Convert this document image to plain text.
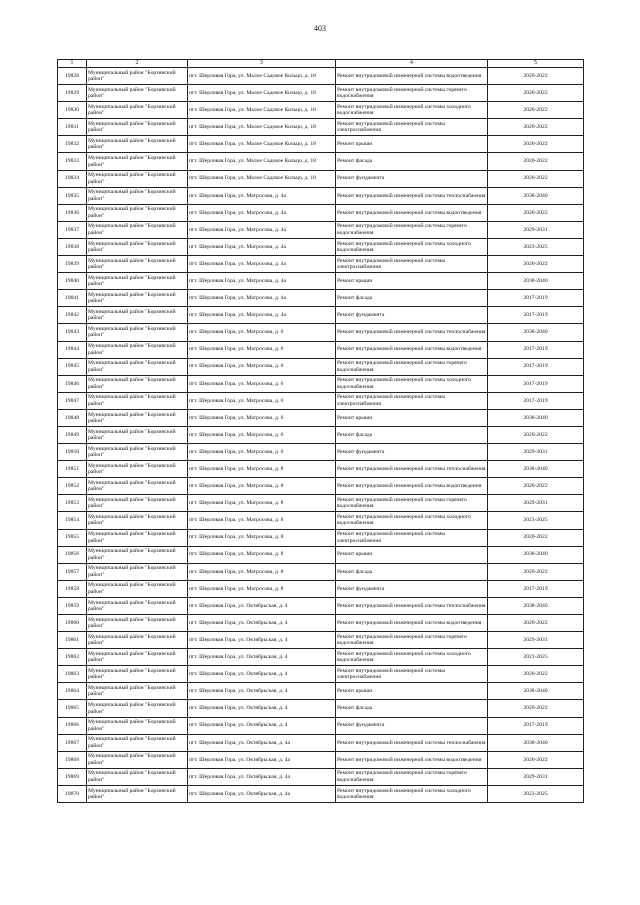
403
1	2	3	4	5
19828	Муниципальный район "Борзинский район"	пгт. Шерловая Гора, ул. Малое Садовое Кольцо, д. 18	Ремонт внутридомовой инженерной системы водоотведения	2020-2022
19829	Муниципальный район "Борзинский район"	пгт. Шерловая Гора, ул. Малое Садовое Кольцо, д. 18	Ремонт внутридомовой инженерной системы горячего водоснабжения	2020-2022
19830	Муниципальный район "Борзинский район"	пгт. Шерловая Гора, ул. Малое Садовое Кольцо, д. 18	Ремонт внутридомовой инженерной системы холодного водоснабжения	2020-2022
19831	Муниципальный район "Борзинский район"	пгт. Шерловая Гора, ул. Малое Садовое Кольцо, д. 18	Ремонт внутридомовой инженерной системы электроснабжения	2020-2022
19832	Муниципальный район "Борзинский район"	пгт. Шерловая Гора, ул. Малое Садовое Кольцо, д. 18	Ремонт крыши	2020-2022
19833	Муниципальный район "Борзинский район"	пгт. Шерловая Гора, ул. Малое Садовое Кольцо, д. 18	Ремонт фасада	2020-2022
19834	Муниципальный район "Борзинский район"	пгт. Шерловая Гора, ул. Малое Садовое Кольцо, д. 18	Ремонт фундамента	2020-2022
19835	Муниципальный район "Борзинский район"	пгт. Шерловая Гора, ул. Матросова, д. 4а	Ремонт внутридомовой инженерной системы теплоснабжения	2038-2040
19836	Муниципальный район "Борзинский район"	пгт. Шерловая Гора, ул. Матросова, д. 4а	Ремонт внутридомовой инженерной системы водоотведения	2020-2022
19837	Муниципальный район "Борзинский район"	пгт. Шерловая Гора, ул. Матросова, д. 4а	Ремонт внутридомовой инженерной системы горячего водоснабжения	2029-2031
19838	Муниципальный район "Борзинский район"	пгт. Шерловая Гора, ул. Матросова, д. 4а	Ремонт внутридомовой инженерной системы холодного водоснабжения	2023-2025
19839	Муниципальный район "Борзинский район"	пгт. Шерловая Гора, ул. Матросова, д. 4а	Ремонт внутридомовой инженерной системы электроснабжения	2020-2022
19840	Муниципальный район "Борзинский район"	пгт. Шерловая Гора, ул. Матросова, д. 4а	Ремонт крыши	2038-2040
19841	Муниципальный район "Борзинский район"	пгт. Шерловая Гора, ул. Матросова, д. 4а	Ремонт фасада	2017-2019
19842	Муниципальный район "Борзинский район"	пгт. Шерловая Гора, ул. Матросова, д. 4а	Ремонт фундамента	2017-2019
19843	Муниципальный район "Борзинский район"	пгт. Шерловая Гора, ул. Матросова, д. 6	Ремонт внутридомовой инженерной системы теплоснабжения	2038-2040
19844	Муниципальный район "Борзинский район"	пгт. Шерловая Гора, ул. Матросова, д. 6	Ремонт внутридомовой инженерной системы водоотведения	2017-2019
19845	Муниципальный район "Борзинский район"	пгт. Шерловая Гора, ул. Матросова, д. 6	Ремонт внутридомовой инженерной системы горячего водоснабжения	2017-2019
19846	Муниципальный район "Борзинский район"	пгт. Шерловая Гора, ул. Матросова, д. 6	Ремонт внутридомовой инженерной системы холодного водоснабжения	2017-2019
19847	Муниципальный район "Борзинский район"	пгт. Шерловая Гора, ул. Матросова, д. 6	Ремонт внутридомовой инженерной системы электроснабжения	2017-2019
19848	Муниципальный район "Борзинский район"	пгт. Шерловая Гора, ул. Матросова, д. 6	Ремонт крыши	2038-2040
19849	Муниципальный район "Борзинский район"	пгт. Шерловая Гора, ул. Матросова, д. 6	Ремонт фасада	2020-2022
19850	Муниципальный район "Борзинский район"	пгт. Шерловая Гора, ул. Матросова, д. 6	Ремонт фундамента	2029-2031
19851	Муниципальный район "Борзинский район"	пгт. Шерловая Гора, ул. Матросова, д. 8	Ремонт внутридомовой инженерной системы теплоснабжения	2038-2040
19852	Муниципальный район "Борзинский район"	пгт. Шерловая Гора, ул. Матросова, д. 8	Ремонт внутридомовой инженерной системы водоотведения	2020-2022
19853	Муниципальный район "Борзинский район"	пгт. Шерловая Гора, ул. Матросова, д. 8	Ремонт внутридомовой инженерной системы горячего водоснабжения	2029-2031
19854	Муниципальный район "Борзинский район"	пгт. Шерловая Гора, ул. Матросова, д. 8	Ремонт внутридомовой инженерной системы холодного водоснабжения	2023-2025
19855	Муниципальный район "Борзинский район"	пгт. Шерловая Гора, ул. Матросова, д. 8	Ремонт внутридомовой инженерной системы электроснабжения	2020-2022
19856	Муниципальный район "Борзинский район"	пгт. Шерловая Гора, ул. Матросова, д. 8	Ремонт крыши	2038-2040
19857	Муниципальный район "Борзинский район"	пгт. Шерловая Гора, ул. Матросова, д. 8	Ремонт фасада	2020-2022
19858	Муниципальный район "Борзинский район"	пгт. Шерловая Гора, ул. Матросова, д. 8	Ремонт фундамента	2017-2019
19859	Муниципальный район "Борзинский район"	пгт. Шерловая Гора, ул. Октябрьская, д. 4	Ремонт внутридомовой инженерной системы теплоснабжения	2038-2040
19860	Муниципальный район "Борзинский район"	пгт. Шерловая Гора, ул. Октябрьская, д. 4	Ремонт внутридомовой инженерной системы водоотведения	2020-2022
19861	Муниципальный район "Борзинский район"	пгт. Шерловая Гора, ул. Октябрьская, д. 4	Ремонт внутридомовой инженерной системы горячего водоснабжения	2029-2031
19862	Муниципальный район "Борзинский район"	пгт. Шерловая Гора, ул. Октябрьская, д. 4	Ремонт внутридомовой инженерной системы холодного водоснабжения	2023-2025
19863	Муниципальный район "Борзинский район"	пгт. Шерловая Гора, ул. Октябрьская, д. 4	Ремонт внутридомовой инженерной системы электроснабжения	2020-2022
19864	Муниципальный район "Борзинский район"	пгт. Шерловая Гора, ул. Октябрьская, д. 4	Ремонт крыши	2038-2040
19865	Муниципальный район "Борзинский район"	пгт. Шерловая Гора, ул. Октябрьская, д. 4	Ремонт фасада	2020-2022
19866	Муниципальный район "Борзинский район"	пгт. Шерловая Гора, ул. Октябрьская, д. 4	Ремонт фундамента	2017-2019
19867	Муниципальный район "Борзинский район"	пгт. Шерловая Гора, ул. Октябрьская, д. 4а	Ремонт внутридомовой инженерной системы теплоснабжения	2038-2040
19868	Муниципальный район "Борзинский район"	пгт. Шерловая Гора, ул. Октябрьская, д. 4а	Ремонт внутридомовой инженерной системы водоотведения	2020-2022
19869	Муниципальный район "Борзинский район"	пгт. Шерловая Гора, ул. Октябрьская, д. 4а	Ремонт внутридомовой инженерной системы горячего водоснабжения	2029-2031
19870	Муниципальный район "Борзинский район"	пгт. Шерловая Гора, ул. Октябрьская, д. 4а	Ремонт внутридомовой инженерной системы холодного водоснабжения	2023-2025
